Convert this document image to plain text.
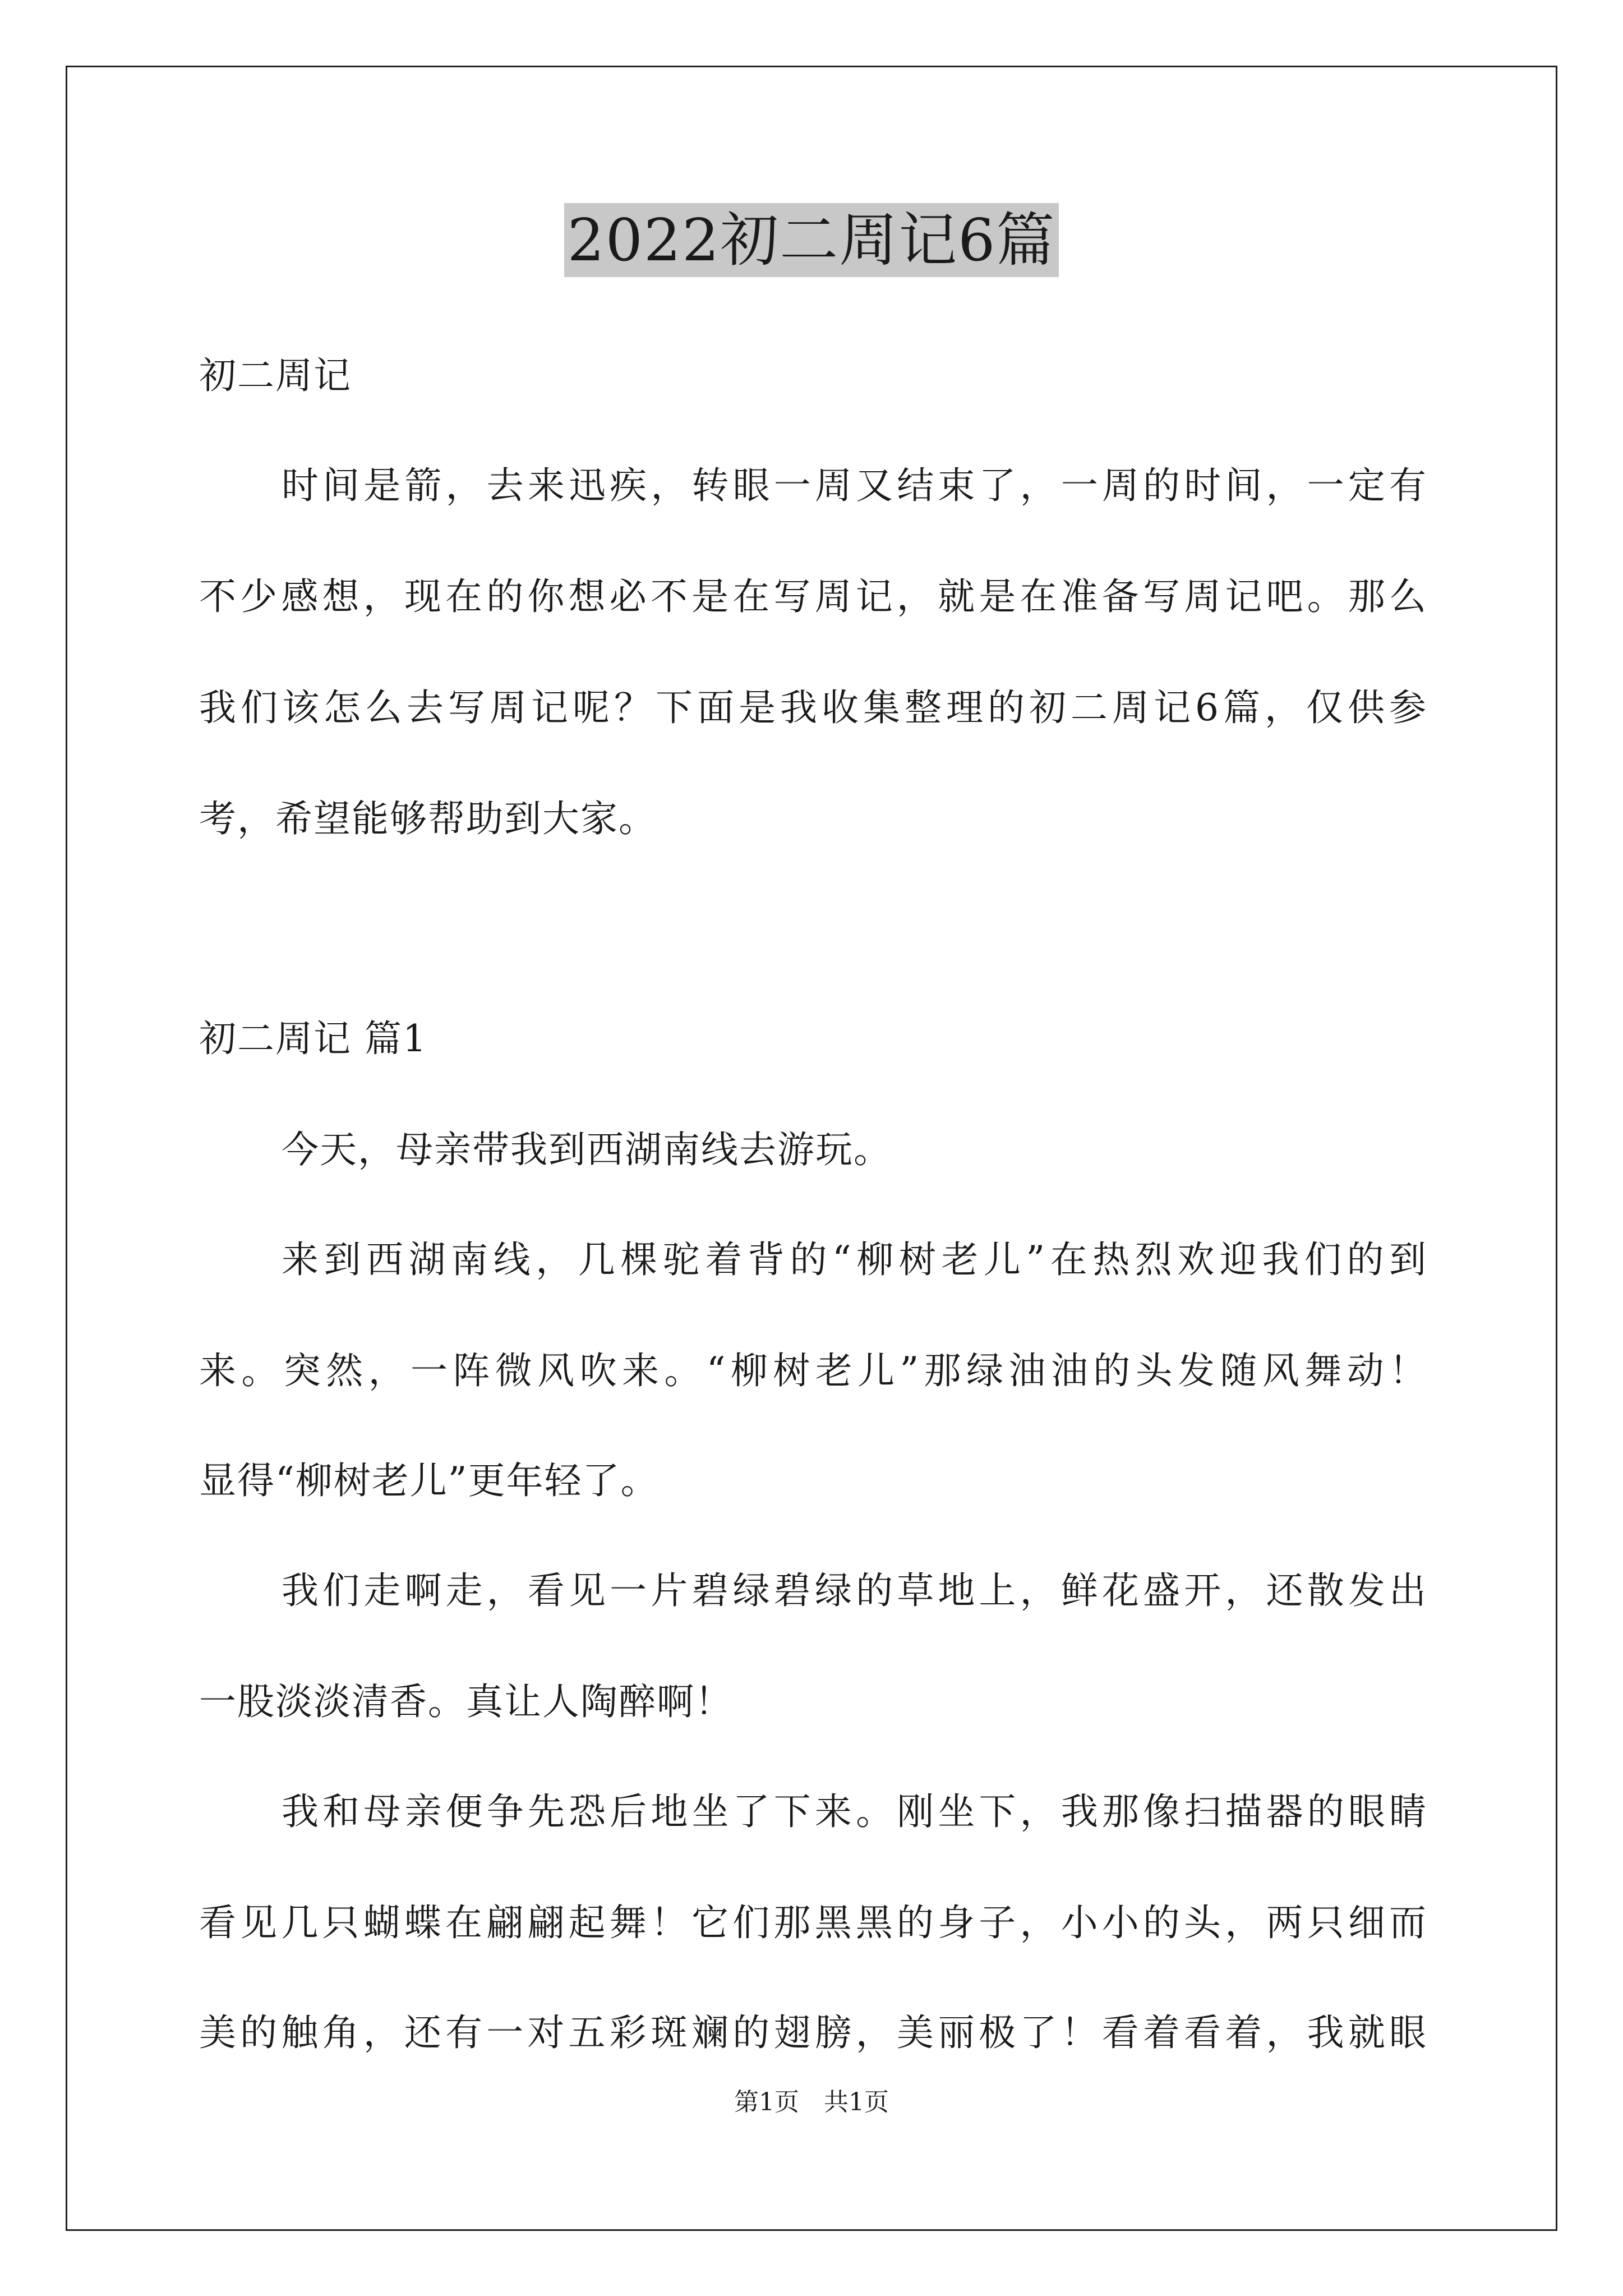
2022初二周记6篇
初二周记
时间是箭，去来迅疾，转眼一周又结束了，一周的时间，一定有
不少感想，现在的你想必不是在写周记，就是在准备写周记吧。那么
我们该怎么去写周记呢？下面是我收集整理的初二周记6篇，仅供参
考，希望能够帮助到大家。
初二周记 篇1
今天，母亲带我到西湖南线去游玩。
来到西湖南线，几棵驼着背的“柳树老儿”在热烈欢迎我们的到
来。突然，一阵微风吹来。“柳树老儿”那绿油油的头发随风舞动！
显得“柳树老儿”更年轻了。
我们走啊走，看见一片碧绿碧绿的草地上，鲜花盛开，还散发出
一股淡淡清香。真让人陶醉啊！
我和母亲便争先恐后地坐了下来。刚坐下，我那像扫描器的眼睛
看见几只蝴蝶在翩翩起舞！它们那黑黑的身子，小小的头，两只细而
美的触角，还有一对五彩斑斓的翅膀，美丽极了！看着看着，我就眼
第1页　共1页
